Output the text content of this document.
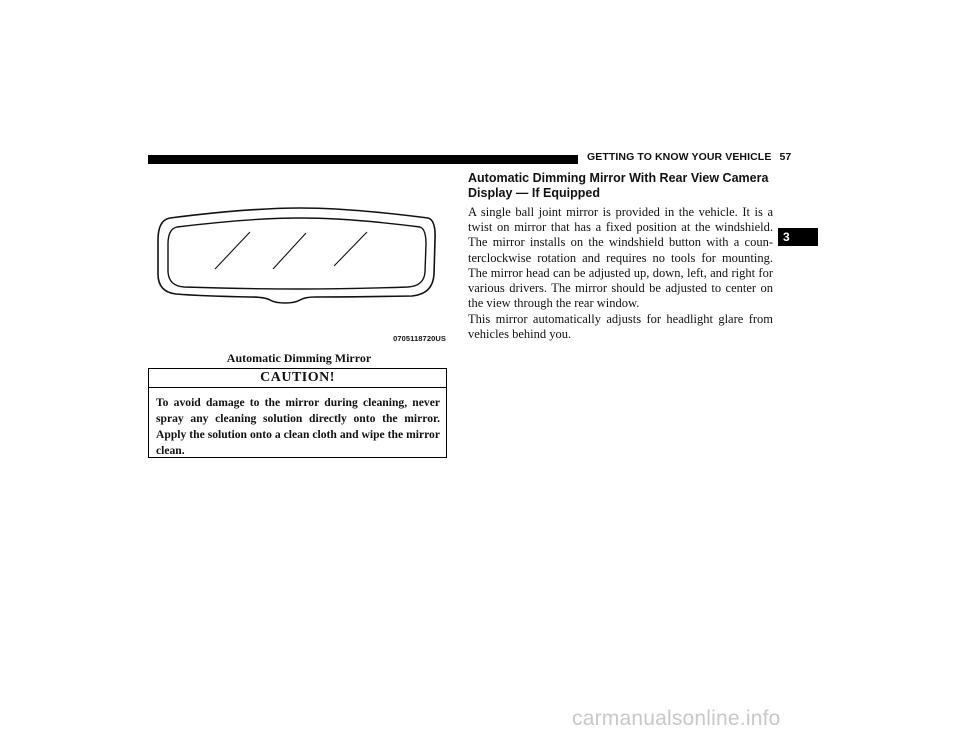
GETTING TO KNOW YOUR VEHICLE 57
3
0705118720US
Automatic Dimming Mirror
CAUTION!
To avoid damage to the mirror during cleaning, never spray any cleaning solution directly onto the mirror. Apply the solution onto a clean cloth and wipe the mirror clean.
Automatic Dimming Mirror With Rear View Camera Display — If Equipped
A single ball joint mirror is provided in the vehicle. It is a twist on mirror that has a fixed position at the windshield. The mirror installs on the windshield button with a coun-terclockwise rotation and requires no tools for mounting. The mirror head can be adjusted up, down, left, and right for various drivers. The mirror should be adjusted to center on the view through the rear window.
This mirror automatically adjusts for headlight glare from vehicles behind you.
carmanualsonline.info
